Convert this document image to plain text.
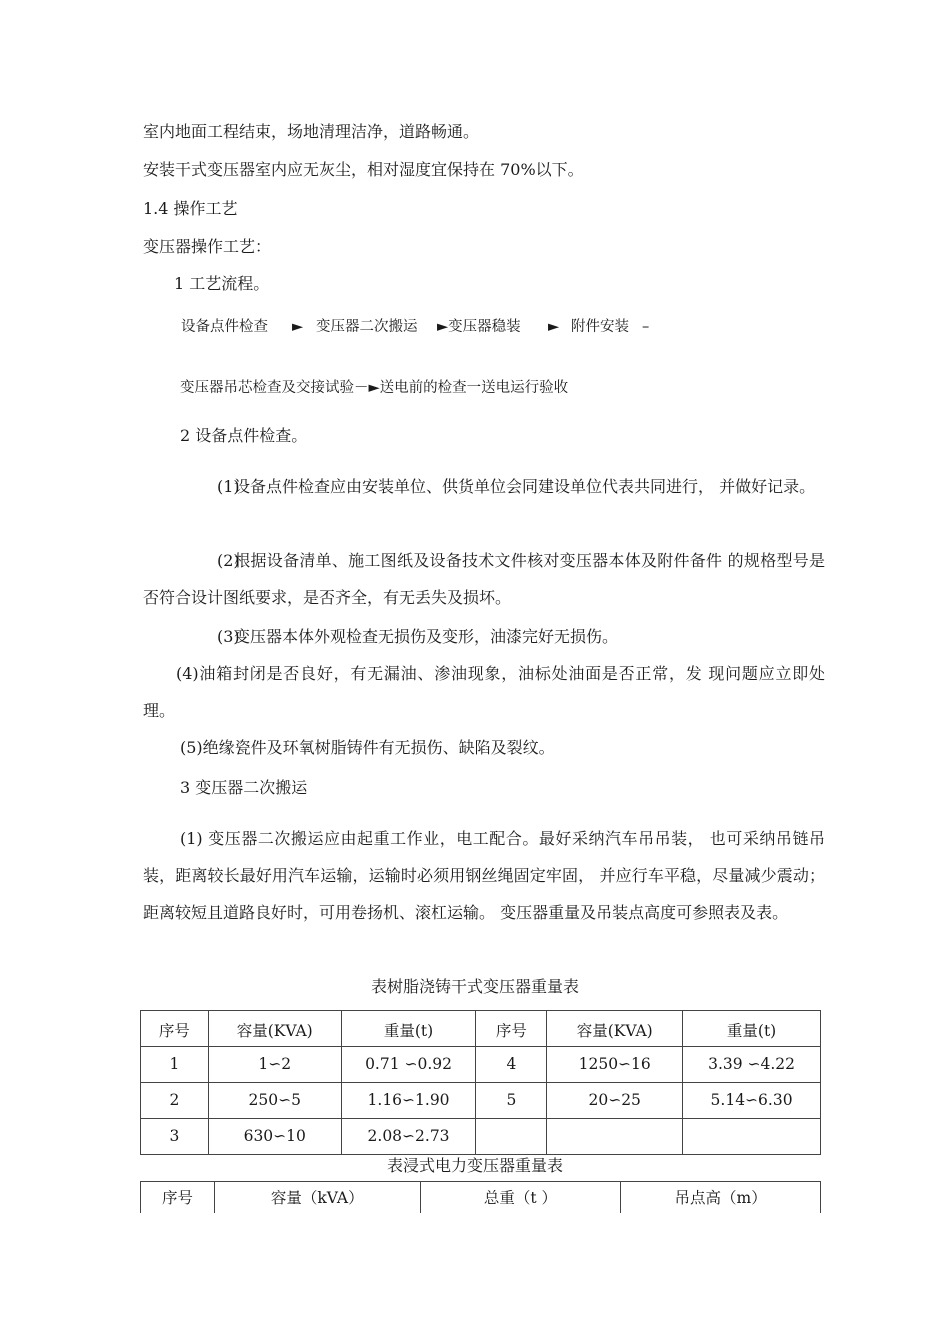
室内地面工程结束，场地清理洁净，道路畅通。
安装干式变压器室内应无灰尘，相对湿度宜保持在 70%以下。
1.4 操作工艺
变压器操作工艺：
1 工艺流程。
设备点件检查 ► 变压器二次搬运 ►变压器稳装 ► 附件安装 –
变压器吊芯检查及交接试验－►送电前的检查一送电运行验收
2 设备点件检查。
(1)设备点件检查应由安装单位、供货单位会同建设单位代表共同进行， 并做好记录。
(2)根据设备清单、施工图纸及设备技术文件核对变压器本体及附件备件 的规格型号是否符合设计图纸要求，是否齐全，有无丢失及损坏。
(3)变压器本体外观检查无损伤及变形，油漆完好无损伤。
(4)油箱封闭是否良好，有无漏油、渗油现象，油标处油面是否正常，发 现问题应立即处理。
(5)绝缘瓷件及环氧树脂铸件有无损伤、缺陷及裂纹。
3 变压器二次搬运
(1) 变压器二次搬运应由起重工作业，电工配合。最好采纳汽车吊吊装， 也可采纳吊链吊装，距离较长最好用汽车运输，运输时必须用钢丝绳固定牢固， 并应行车平稳，尽量减少震动；距离较短且道路良好时，可用卷扬机、滚杠运输。 变压器重量及吊装点高度可参照表及表。
表树脂浇铸干式变压器重量表
序号	容量(KVA)	重量(t)	序号	容量(KVA)	重量(t)
1	1∽2	0.71 ∽0.92	4	1250∽16	3.39 ∽4.22
2	250∽5	1.16∽1.90	5	20∽25	5.14∽6.30
3	630∽10	2.08∽2.73			
表浸式电力变压器重量表
序号	容量（kVA）	总重（t ）	吊点高（m）
